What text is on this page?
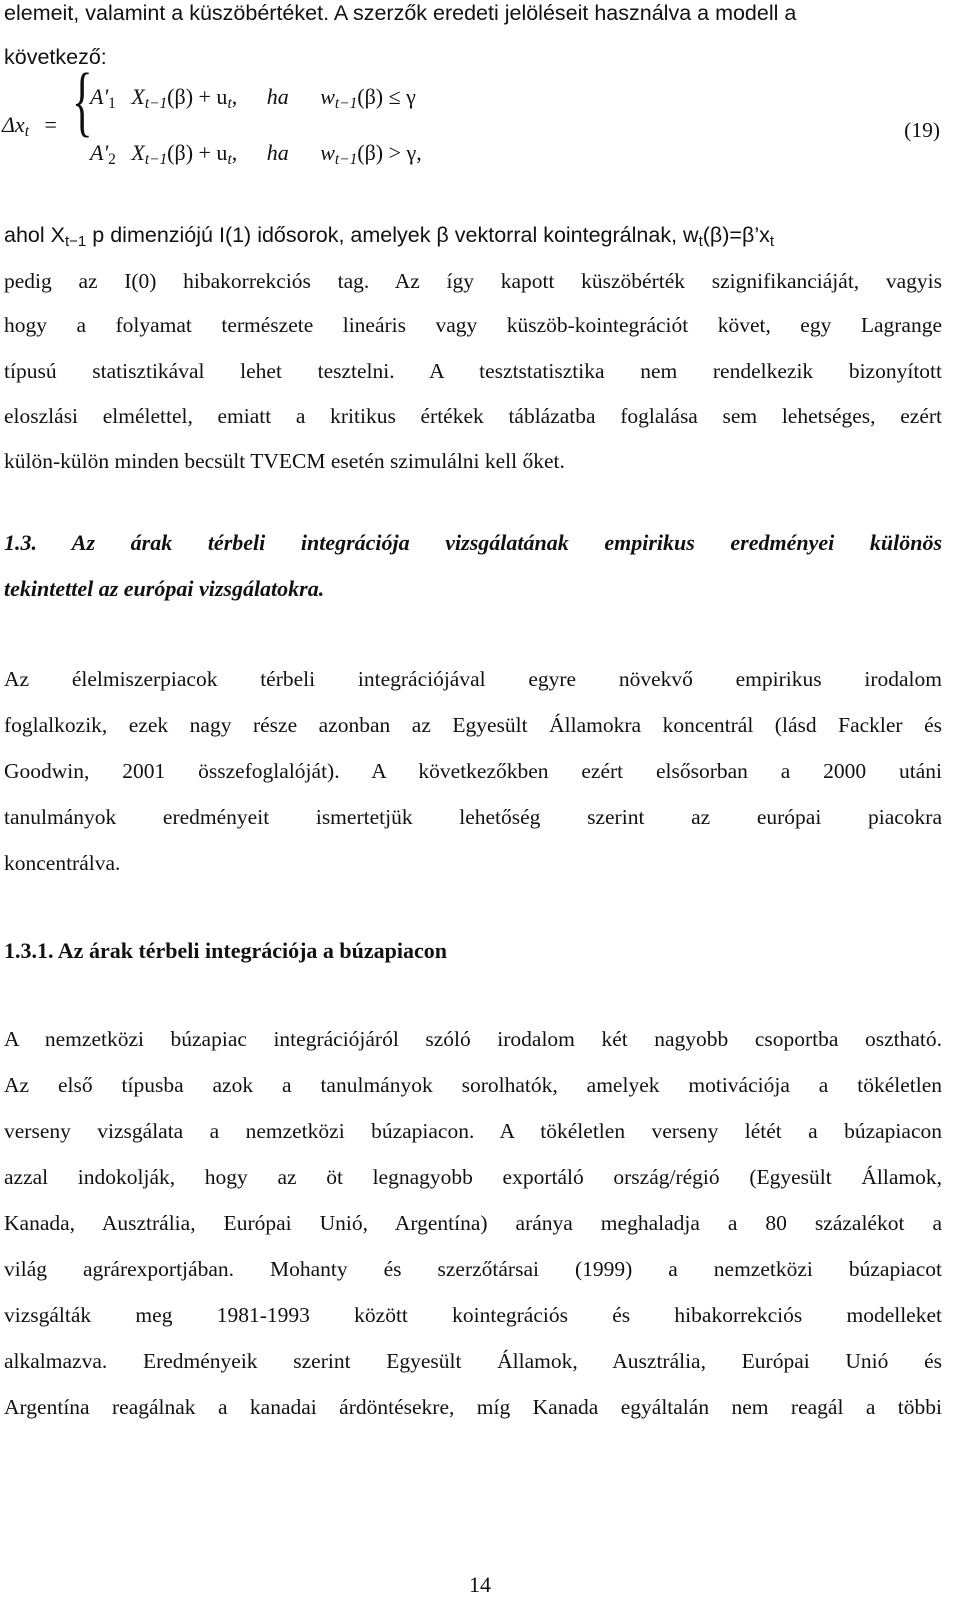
elemeit, valamint a küszöbértéket. A szerzők eredeti jelöléseit használva a modell a
következő:
$\Delta x_t$ = {
$A'_1$ $X_{t-1}(\beta) + u_t$, ha $w_{t-1}(\beta) \le \gamma$
$A'_2$ $X_{t-1}(\beta) + u_t$, ha $w_{t-1}(\beta) > \gamma$,
(19)
ahol $X_{t-1}$ p dimenziójú I(1) idősorok, amelyek β vektorral kointegrálnak, $w_t(\beta)=\beta’x_t$
pedig az I(0) hibakorrekciós tag. Az így kapott küszöbérték szignifikanciáját, vagyis
hogy a folyamat természete lineáris vagy küszöb-kointegrációt követ, egy Lagrange
típusú statisztikával lehet tesztelni. A tesztstatisztika nem rendelkezik bizonyított
eloszlási elmélettel, emiatt a kritikus értékek táblázatba foglalása sem lehetséges, ezért
külön-külön minden becsült TVECM esetén szimulálni kell őket.
1.3. Az árak térbeli integrációja vizsgálatának empirikus eredményei különös
tekintettel az európai vizsgálatokra.
Az élelmiszerpiacok térbeli integrációjával egyre növekvő empirikus irodalom
foglalkozik, ezek nagy része azonban az Egyesült Államokra koncentrál (lásd Fackler és
Goodwin, 2001 összefoglalóját). A következőkben ezért elsősorban a 2000 utáni
tanulmányok eredményeit ismertetjük lehetőség szerint az európai piacokra
koncentrálva.
1.3.1. Az árak térbeli integrációja a búzapiacon
A nemzetközi búzapiac integrációjáról szóló irodalom két nagyobb csoportba osztható.
Az első típusba azok a tanulmányok sorolhatók, amelyek motivációja a tökéletlen
verseny vizsgálata a nemzetközi búzapiacon. A tökéletlen verseny létét a búzapiacon
azzal indokolják, hogy az öt legnagyobb exportáló ország/régió (Egyesült Államok,
Kanada, Ausztrália, Európai Unió, Argentína) aránya meghaladja a 80 százalékot a
világ agrárexportjában. Mohanty és szerzőtársai (1999) a nemzetközi búzapiacot
vizsgálták meg 1981-1993 között kointegrációs és hibakorrekciós modelleket
alkalmazva. Eredményeik szerint Egyesült Államok, Ausztrália, Európai Unió és
Argentína reagálnak a kanadai árdöntésekre, míg Kanada egyáltalán nem reagál a többi
14
